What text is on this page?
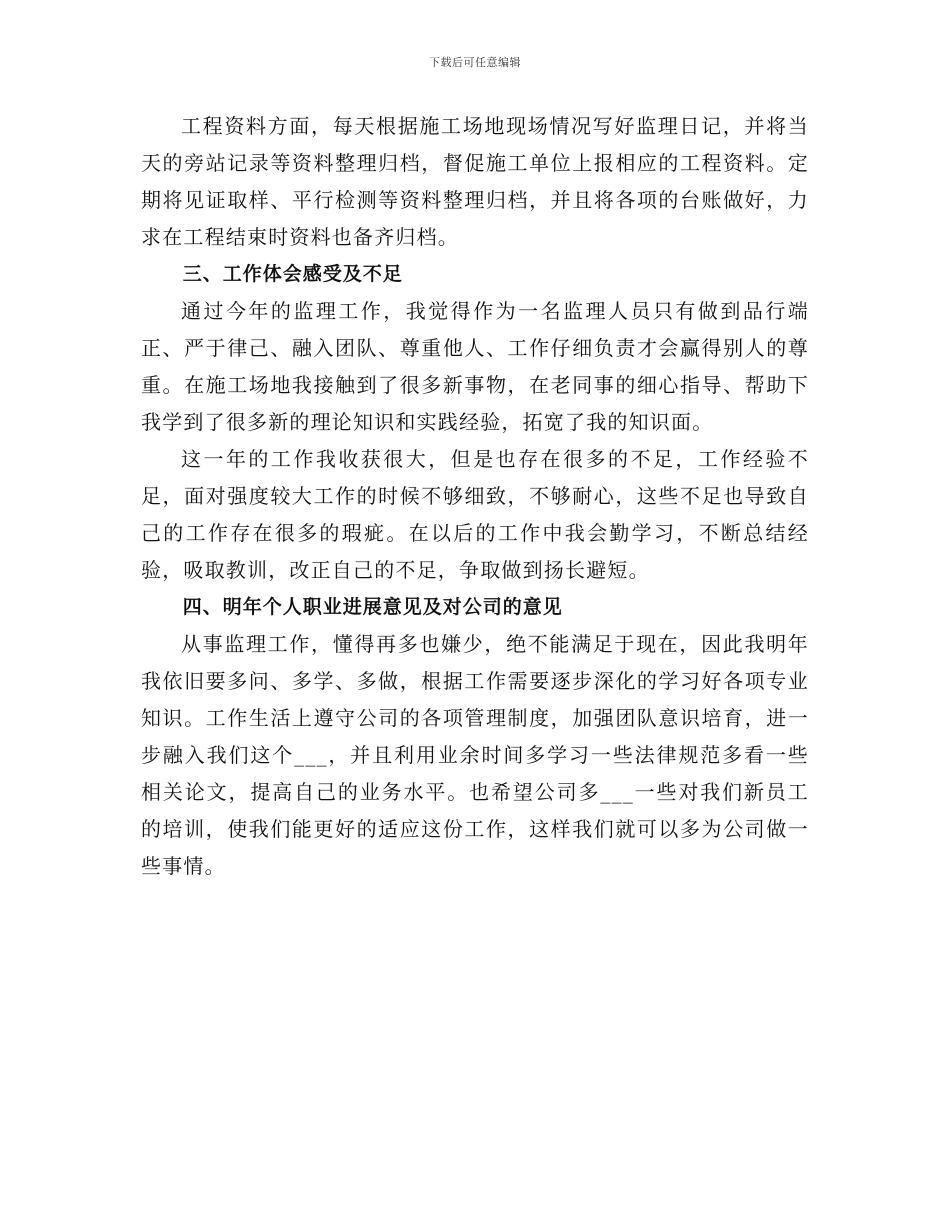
下载后可任意编辑

工程资料方面，每天根据施工场地现场情况写好监理日记，并将当天的旁站记录等资料整理归档，督促施工单位上报相应的工程资料。定期将见证取样、平行检测等资料整理归档，并且将各项的台账做好，力求在工程结束时资料也备齐归档。

三、工作体会感受及不足

通过今年的监理工作，我觉得作为一名监理人员只有做到品行端正、严于律己、融入团队、尊重他人、工作仔细负责才会赢得别人的尊重。在施工场地我接触到了很多新事物，在老同事的细心指导、帮助下我学到了很多新的理论知识和实践经验，拓宽了我的知识面。

这一年的工作我收获很大，但是也存在很多的不足，工作经验不足，面对强度较大工作的时候不够细致，不够耐心，这些不足也导致自己的工作存在很多的瑕疵。在以后的工作中我会勤学习，不断总结经验，吸取教训，改正自己的不足，争取做到扬长避短。

四、明年个人职业进展意见及对公司的意见

从事监理工作，懂得再多也嫌少，绝不能满足于现在，因此我明年我依旧要多问、多学、多做，根据工作需要逐步深化的学习好各项专业知识。工作生活上遵守公司的各项管理制度，加强团队意识培育，进一步融入我们这个___，并且利用业余时间多学习一些法律规范多看一些相关论文，提高自己的业务水平。也希望公司多___一些对我们新员工的培训，使我们能更好的适应这份工作，这样我们就可以多为公司做一些事情。
